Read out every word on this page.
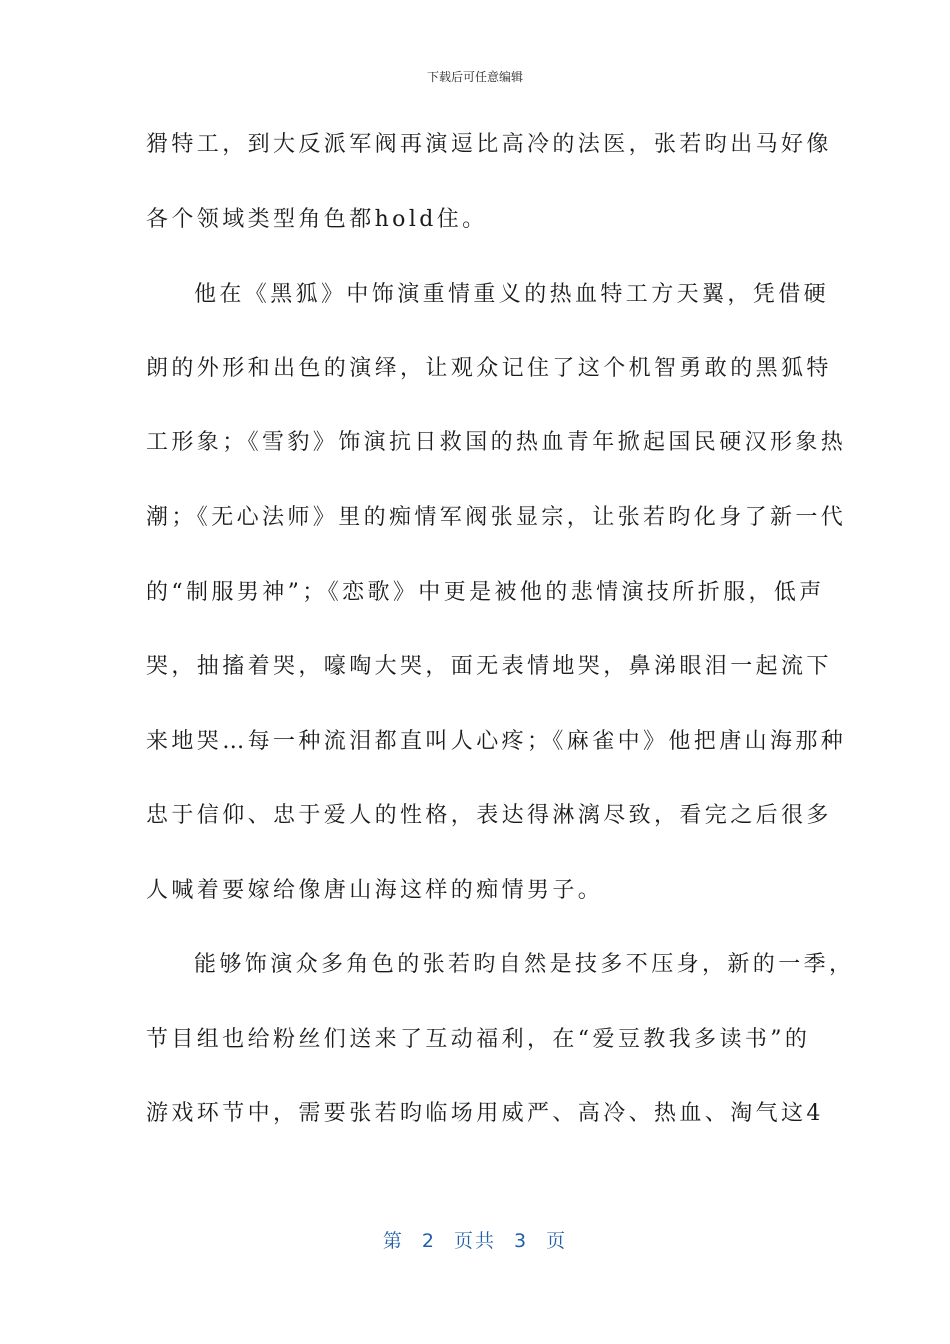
下载后可任意编辑
猾特工，到大反派军阀再演逗比高冷的法医，张若昀出马好像
各个领域类型角色都hold住。
他在《黑狐》中饰演重情重义的热血特工方天翼，凭借硬
朗的外形和出色的演绎，让观众记住了这个机智勇敢的黑狐特
工形象；《雪豹》饰演抗日救国的热血青年掀起国民硬汉形象热
潮；《无心法师》里的痴情军阀张显宗，让张若昀化身了新一代
的“制服男神”；《恋歌》中更是被他的悲情演技所折服，低声
哭，抽搐着哭，嚎啕大哭，面无表情地哭，鼻涕眼泪一起流下
来地哭…每一种流泪都直叫人心疼；《麻雀中》他把唐山海那种
忠于信仰、忠于爱人的性格，表达得淋漓尽致，看完之后很多
人喊着要嫁给像唐山海这样的痴情男子。
能够饰演众多角色的张若昀自然是技多不压身，新的一季，
节目组也给粉丝们送来了互动福利，在“爱豆教我多读书”的
游戏环节中，需要张若昀临场用威严、高冷、热血、淘气这4
第 2 页共 3 页
